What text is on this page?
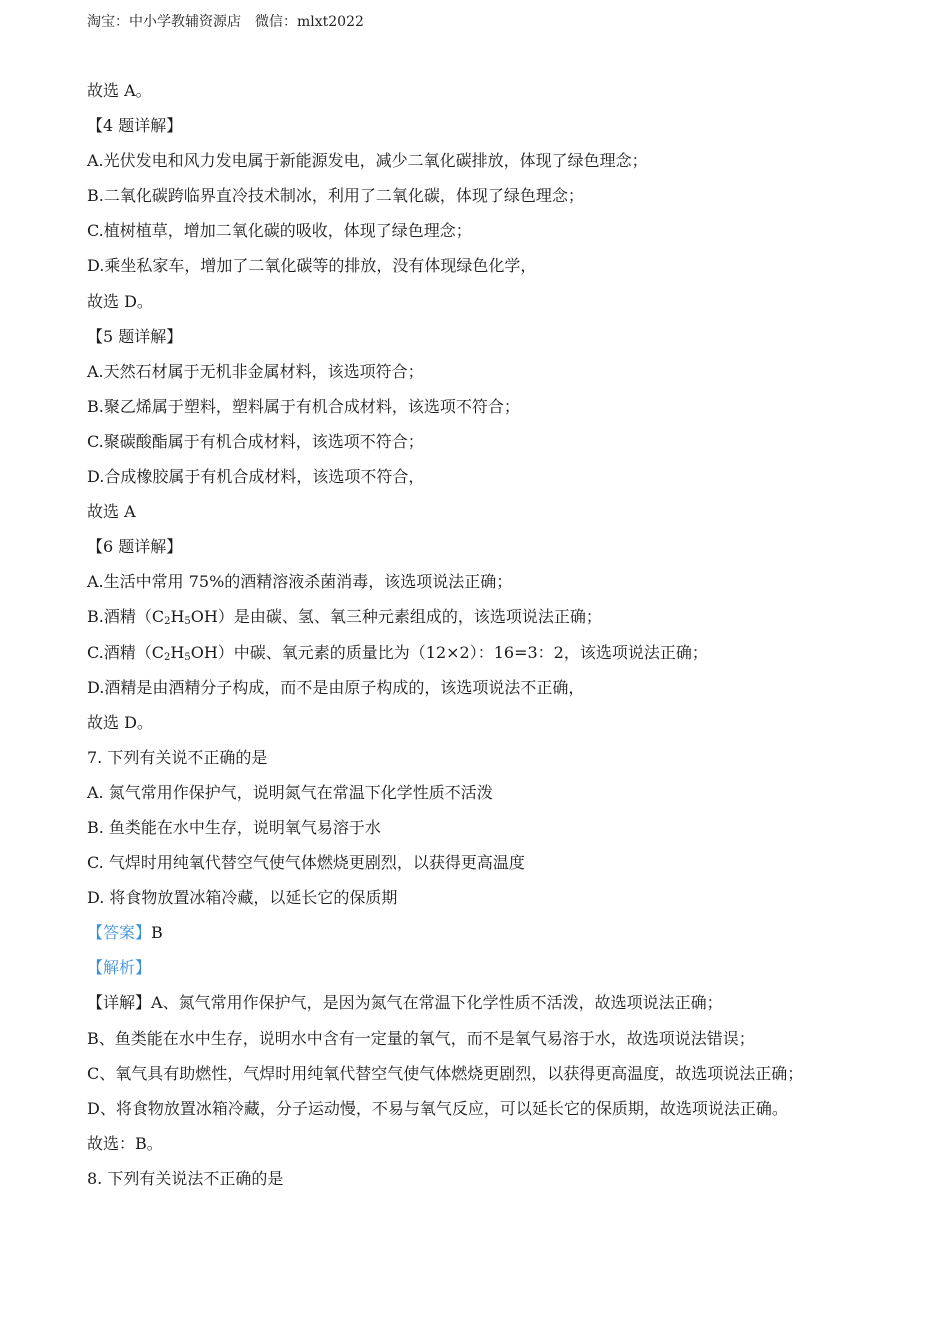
淘宝：中小学教辅资源店 微信：mlxt2022
故选 A。
【4 题详解】
A.光伏发电和风力发电属于新能源发电，减少二氧化碳排放，体现了绿色理念；
B.二氧化碳跨临界直冷技术制冰，利用了二氧化碳，体现了绿色理念；
C.植树植草，增加二氧化碳的吸收，体现了绿色理念；
D.乘坐私家车，增加了二氧化碳等的排放，没有体现绿色化学，
故选 D。
【5 题详解】
A.天然石材属于无机非金属材料，该选项符合；
B.聚乙烯属于塑料，塑料属于有机合成材料，该选项不符合；
C.聚碳酸酯属于有机合成材料，该选项不符合；
D.合成橡胶属于有机合成材料，该选项不符合，
故选 A
【6 题详解】
A.生活中常用 75%的酒精溶液杀菌消毒，该选项说法正确；
B.酒精$(C_2H_5OH)$是由碳、氢、氧三种元素组成的，该选项说法正确；
C.酒精$(C_2H_5OH)$中碳、氧元素的质量比为（12×2）：16=3：2，该选项说法正确；
D.酒精是由酒精分子构成，而不是由原子构成的，该选项说法不正确，
故选 D。
7. 下列有关说不正确的是
A. 氮气常用作保护气，说明氮气在常温下化学性质不活泼
B. 鱼类能在水中生存，说明氧气易溶于水
C. 气焊时用纯氧代替空气使气体燃烧更剧烈，以获得更高温度
D. 将食物放置冰箱冷藏，以延长它的保质期
【答案】B
【解析】
【详解】A、氮气常用作保护气，是因为氮气在常温下化学性质不活泼，故选项说法正确；
B、鱼类能在水中生存，说明水中含有一定量的氧气，而不是氧气易溶于水，故选项说法错误；
C、氧气具有助燃性，气焊时用纯氧代替空气使气体燃烧更剧烈，以获得更高温度，故选项说法正确；
D、将食物放置冰箱冷藏，分子运动慢，不易与氧气反应，可以延长它的保质期，故选项说法正确。
故选：B。
8. 下列有关说法不正确的是
